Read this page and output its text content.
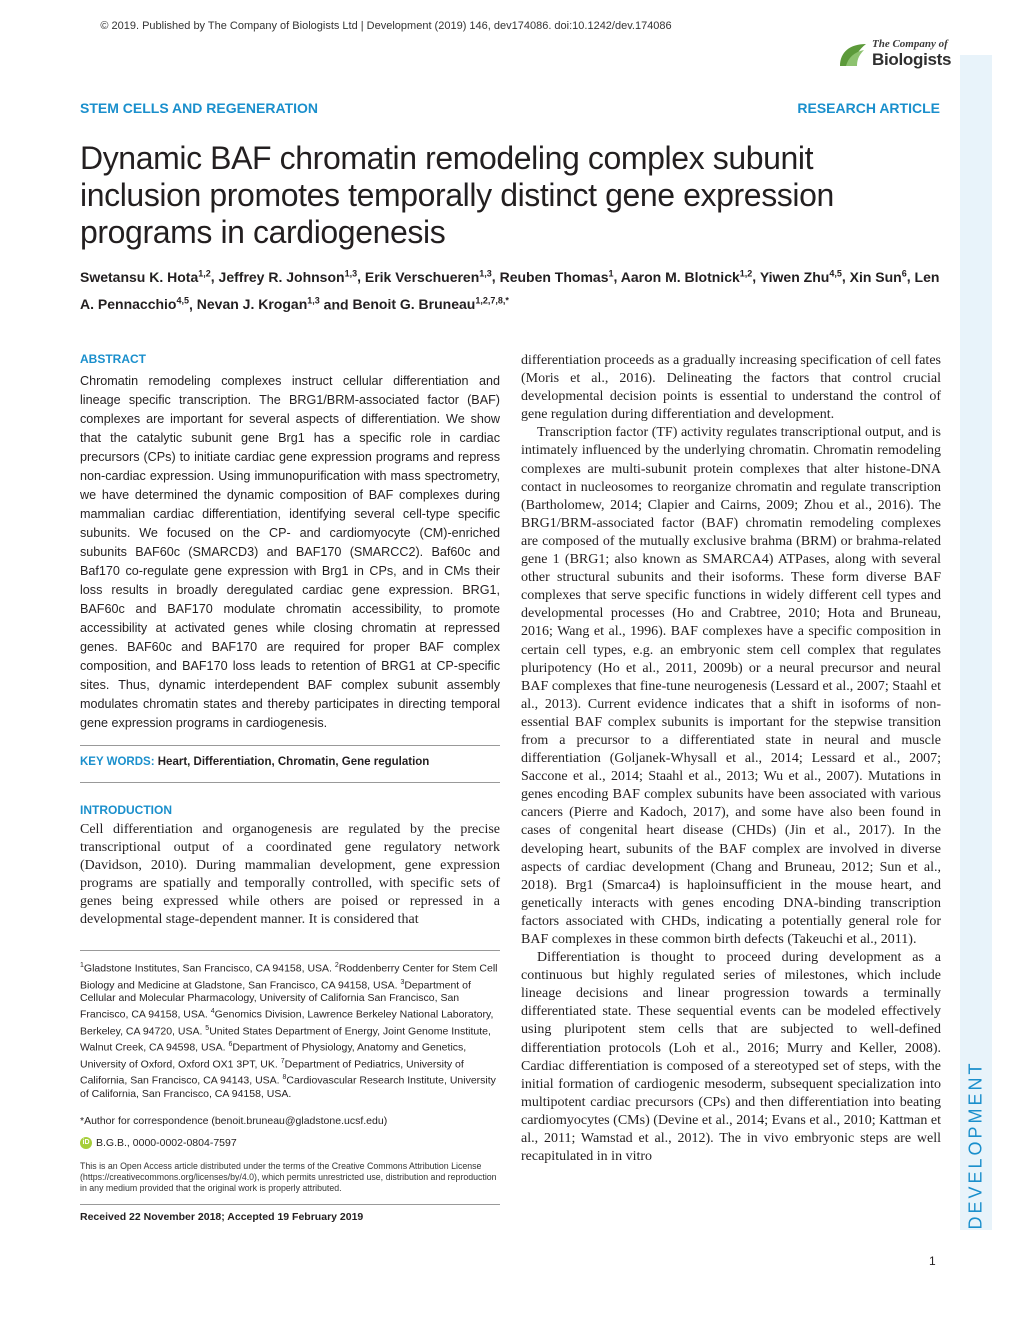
© 2019. Published by The Company of Biologists Ltd | Development (2019) 146, dev174086. doi:10.1242/dev.174086
The Company of
Biologists
DEVELOPMENT
STEM CELLS AND REGENERATION	RESEARCH ARTICLE
Dynamic BAF chromatin remodeling complex subunit inclusion promotes temporally distinct gene expression programs in cardiogenesis
Swetansu K. Hota$^{1,2}$, Jeffrey R. Johnson$^{1,3}$, Erik Verschueren$^{1,3}$, Reuben Thomas$^1$, Aaron M. Blotnick$^{1,2}$, Yiwen Zhu$^{4,5}$, Xin Sun$^6$, Len A. Pennacchio$^{4,5}$, Nevan J. Krogan$^{1,3}$ and Benoit G. Bruneau$^{1,2,7,8,*}$
ABSTRACT

Chromatin remodeling complexes instruct cellular differentiation and lineage specific transcription. The BRG1/BRM-associated factor (BAF) complexes are important for several aspects of differentiation. We show that the catalytic subunit gene Brg1 has a specific role in cardiac precursors (CPs) to initiate cardiac gene expression programs and repress non-cardiac expression. Using immunopurification with mass spectrometry, we have determined the dynamic composition of BAF complexes during mammalian cardiac differentiation, identifying several cell-type specific subunits. We focused on the CP- and cardiomyocyte (CM)-enriched subunits BAF60c (SMARCD3) and BAF170 (SMARCC2). Baf60c and Baf170 co-regulate gene expression with Brg1 in CPs, and in CMs their loss results in broadly deregulated cardiac gene expression. BRG1, BAF60c and BAF170 modulate chromatin accessibility, to promote accessibility at activated genes while closing chromatin at repressed genes. BAF60c and BAF170 are required for proper BAF complex composition, and BAF170 loss leads to retention of BRG1 at CP-specific sites. Thus, dynamic interdependent BAF complex subunit assembly modulates chromatin states and thereby participates in directing temporal gene expression programs in cardiogenesis.

KEY WORDS: Heart, Differentiation, Chromatin, Gene regulation
INTRODUCTION

Cell differentiation and organogenesis are regulated by the precise transcriptional output of a coordinated gene regulatory network (Davidson, 2010). During mammalian development, gene expression programs are spatially and temporally controlled, with specific sets of genes being expressed while others are poised or repressed in a developmental stage-dependent manner. It is considered that

differentiation proceeds as a gradually increasing specification of cell fates (Moris et al., 2016). Delineating the factors that control crucial developmental decision points is essential to understand the control of gene regulation during differentiation and development.

Transcription factor (TF) activity regulates transcriptional output, and is intimately influenced by the underlying chromatin. Chromatin remodeling complexes are multi-subunit protein complexes that alter histone-DNA contact in nucleosomes to reorganize chromatin and regulate transcription (Bartholomew, 2014; Clapier and Cairns, 2009; Zhou et al., 2016). The BRG1/BRM-associated factor (BAF) chromatin remodeling complexes are composed of the mutually exclusive brahma (BRM) or brahma-related gene 1 (BRG1; also known as SMARCA4) ATPases, along with several other structural subunits and their isoforms. These form diverse BAF complexes that serve specific functions in widely different cell types and developmental processes (Ho and Crabtree, 2010; Hota and Bruneau, 2016; Wang et al., 1996). BAF complexes have a specific composition in certain cell types, e.g. an embryonic stem cell complex that regulates pluripotency (Ho et al., 2011, 2009b) or a neural precursor and neural BAF complexes that fine-tune neurogenesis (Lessard et al., 2007; Staahl et al., 2013). Current evidence indicates that a shift in isoforms of non-essential BAF complex subunits is important for the stepwise transition from a precursor to a differentiated state in neural and muscle differentiation (Goljanek-Whysall et al., 2014; Lessard et al., 2007; Saccone et al., 2014; Staahl et al., 2013; Wu et al., 2007). Mutations in genes encoding BAF complex subunits have been associated with various cancers (Pierre and Kadoch, 2017), and some have also been found in cases of congenital heart disease (CHDs) (Jin et al., 2017). In the developing heart, subunits of the BAF complex are involved in diverse aspects of cardiac development (Chang and Bruneau, 2012; Sun et al., 2018). Brg1 (Smarca4) is haploinsufficient in the mouse heart, and genetically interacts with genes encoding DNA-binding transcription factors associated with CHDs, indicating a potentially general role for BAF complexes in these common birth defects (Takeuchi et al., 2011).

Differentiation is thought to proceed during development as a continuous but highly regulated series of milestones, which include lineage decisions and linear progression towards a terminally differentiated state. These sequential events can be modeled effectively using pluripotent stem cells that are subjected to well-defined differentiation protocols (Loh et al., 2016; Murry and Keller, 2008). Cardiac differentiation is composed of a stereotyped set of steps, with the initial formation of cardiogenic mesoderm, subsequent specialization into multipotent cardiac precursors (CPs) and then differentiation into beating cardiomyocytes (CMs) (Devine et al., 2014; Evans et al., 2010; Kattman et al., 2011; Wamstad et al., 2012). The in vivo embryonic steps are well recapitulated in in vitro

$^1$Gladstone Institutes, San Francisco, CA 94158, USA. $^2$Roddenberry Center for Stem Cell Biology and Medicine at Gladstone, San Francisco, CA 94158, USA. $^3$Department of Cellular and Molecular Pharmacology, University of California San Francisco, San Francisco, CA 94158, USA. $^4$Genomics Division, Lawrence Berkeley National Laboratory, Berkeley, CA 94720, USA. $^5$United States Department of Energy, Joint Genome Institute, Walnut Creek, CA 94598, USA. $^6$Department of Physiology, Anatomy and Genetics, University of Oxford, Oxford OX1 3PT, UK. $^7$Department of Pediatrics, University of California, San Francisco, CA 94143, USA. $^8$Cardiovascular Research Institute, University of California, San Francisco, CA 94158, USA.
*Author for correspondence (benoit.bruneau@gladstone.ucsf.edu)
iD B.G.B., 0000-0002-0804-7597
This is an Open Access article distributed under the terms of the Creative Commons Attribution License (https://creativecommons.org/licenses/by/4.0), which permits unrestricted use, distribution and reproduction in any medium provided that the original work is properly attributed.
Received 22 November 2018; Accepted 19 February 2019
1
